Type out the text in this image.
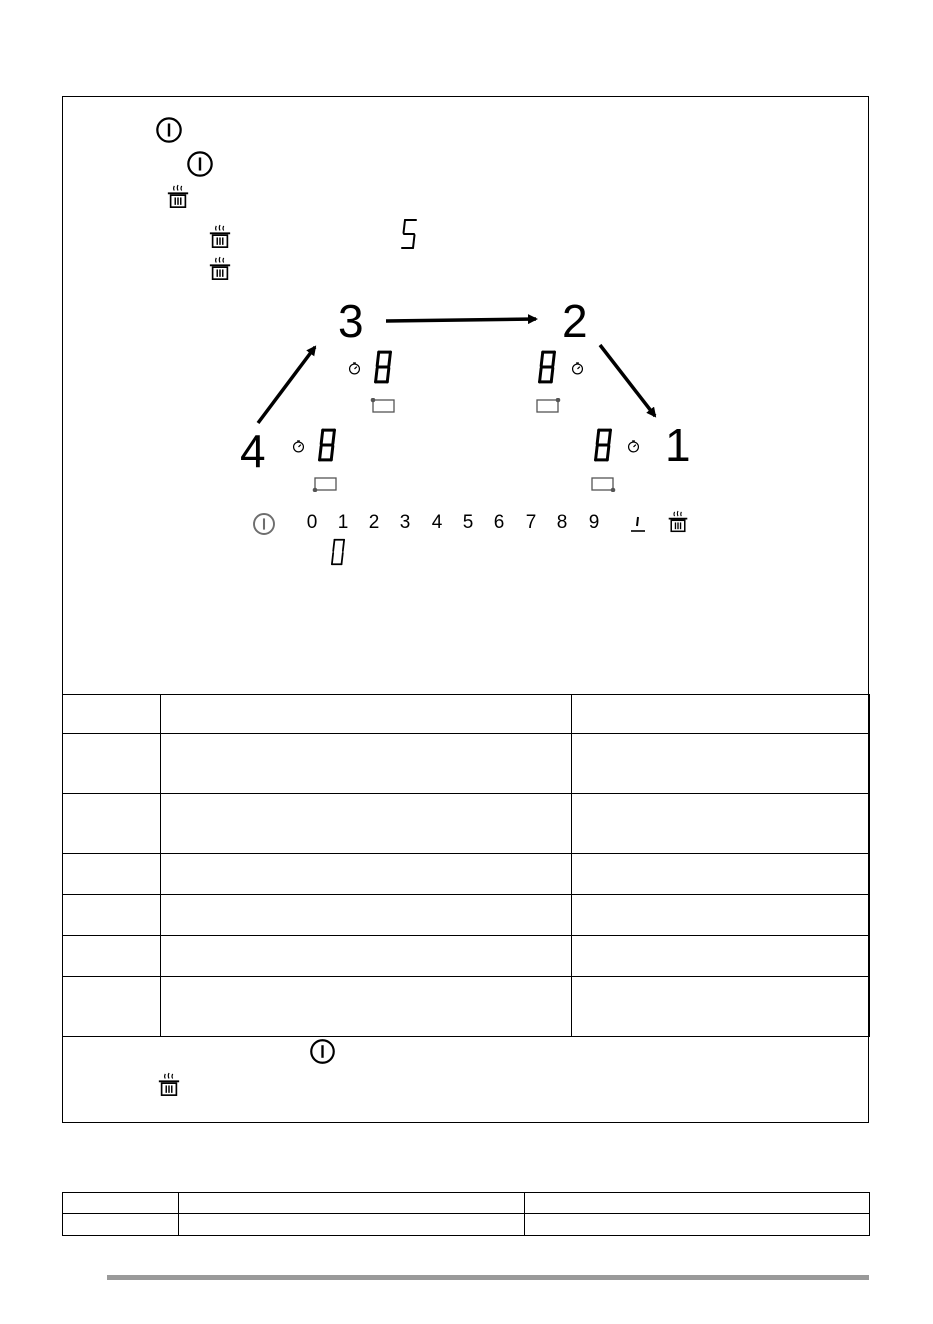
3	2
4	1
0 1 2 3 4 5 6 7 8 9
